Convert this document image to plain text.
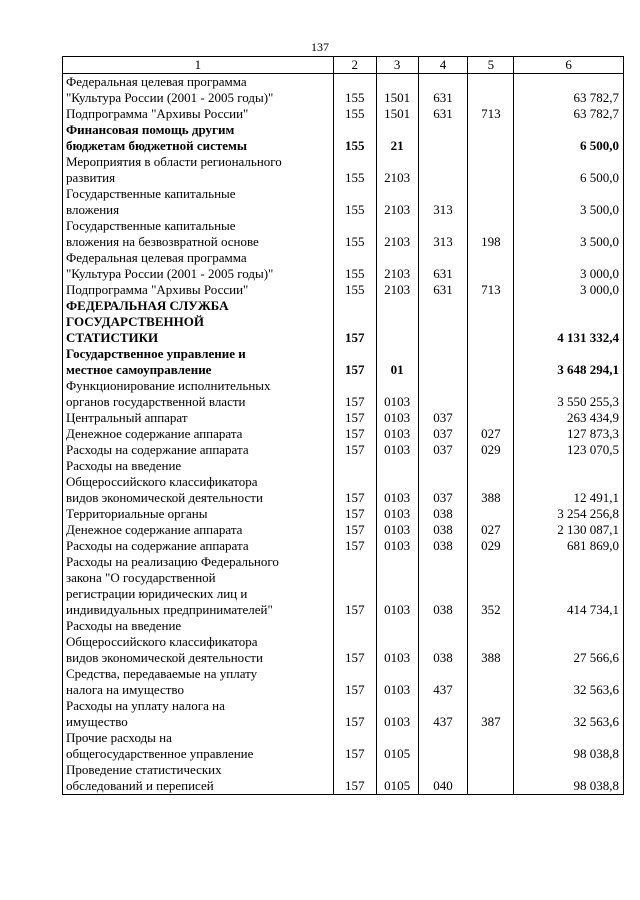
137
1	2	3	4	5	6

Федеральная целевая программа
"Культура России (2001 - 2005 годы)"	155	1501	631		63 782,7

Подпрограмма "Архивы России"	155	1501	631	713	63 782,7

Финансовая помощь другим
бюджетам бюджетной системы	155	21			6 500,0

Мероприятия в области регионального
развития	155	2103			6 500,0

Государственные капитальные
вложения	155	2103	313		3 500,0

Государственные капитальные
вложения на безвозвратной основе	155	2103	313	198	3 500,0

Федеральная целевая программа
"Культура России (2001 - 2005 годы)"	155	2103	631		3 000,0

Подпрограмма "Архивы России"	155	2103	631	713	3 000,0

ФЕДЕРАЛЬНАЯ СЛУЖБА
ГОСУДАРСТВЕННОЙ
СТАТИСТИКИ	157				4 131 332,4

Государственное управление и
местное самоуправление	157	01			3 648 294,1

Функционирование исполнительных
органов государственной власти	157	0103			3 550 255,3

Центральный аппарат	157	0103	037		263 434,9

Денежное содержание аппарата	157	0103	037	027	127 873,3

Расходы на содержание аппарата	157	0103	037	029	123 070,5

Расходы на введение
Общероссийского классификатора
видов экономической деятельности	157	0103	037	388	12 491,1

Территориальные органы	157	0103	038		3 254 256,8

Денежное содержание аппарата	157	0103	038	027	2 130 087,1

Расходы на содержание аппарата	157	0103	038	029	681 869,0

Расходы на реализацию Федерального
закона "О государственной
регистрации юридических лиц и
индивидуальных предпринимателей"	157	0103	038	352	414 734,1

Расходы на введение
Общероссийского классификатора
видов экономической деятельности	157	0103	038	388	27 566,6

Средства, передаваемые на уплату
налога на имущество	157	0103	437		32 563,6

Расходы на уплату налога на
имущество	157	0103	437	387	32 563,6

Прочие расходы на
общегосударственное управление	157	0105			98 038,8

Проведение статистических
обследований и переписей	157	0105	040		98 038,8
